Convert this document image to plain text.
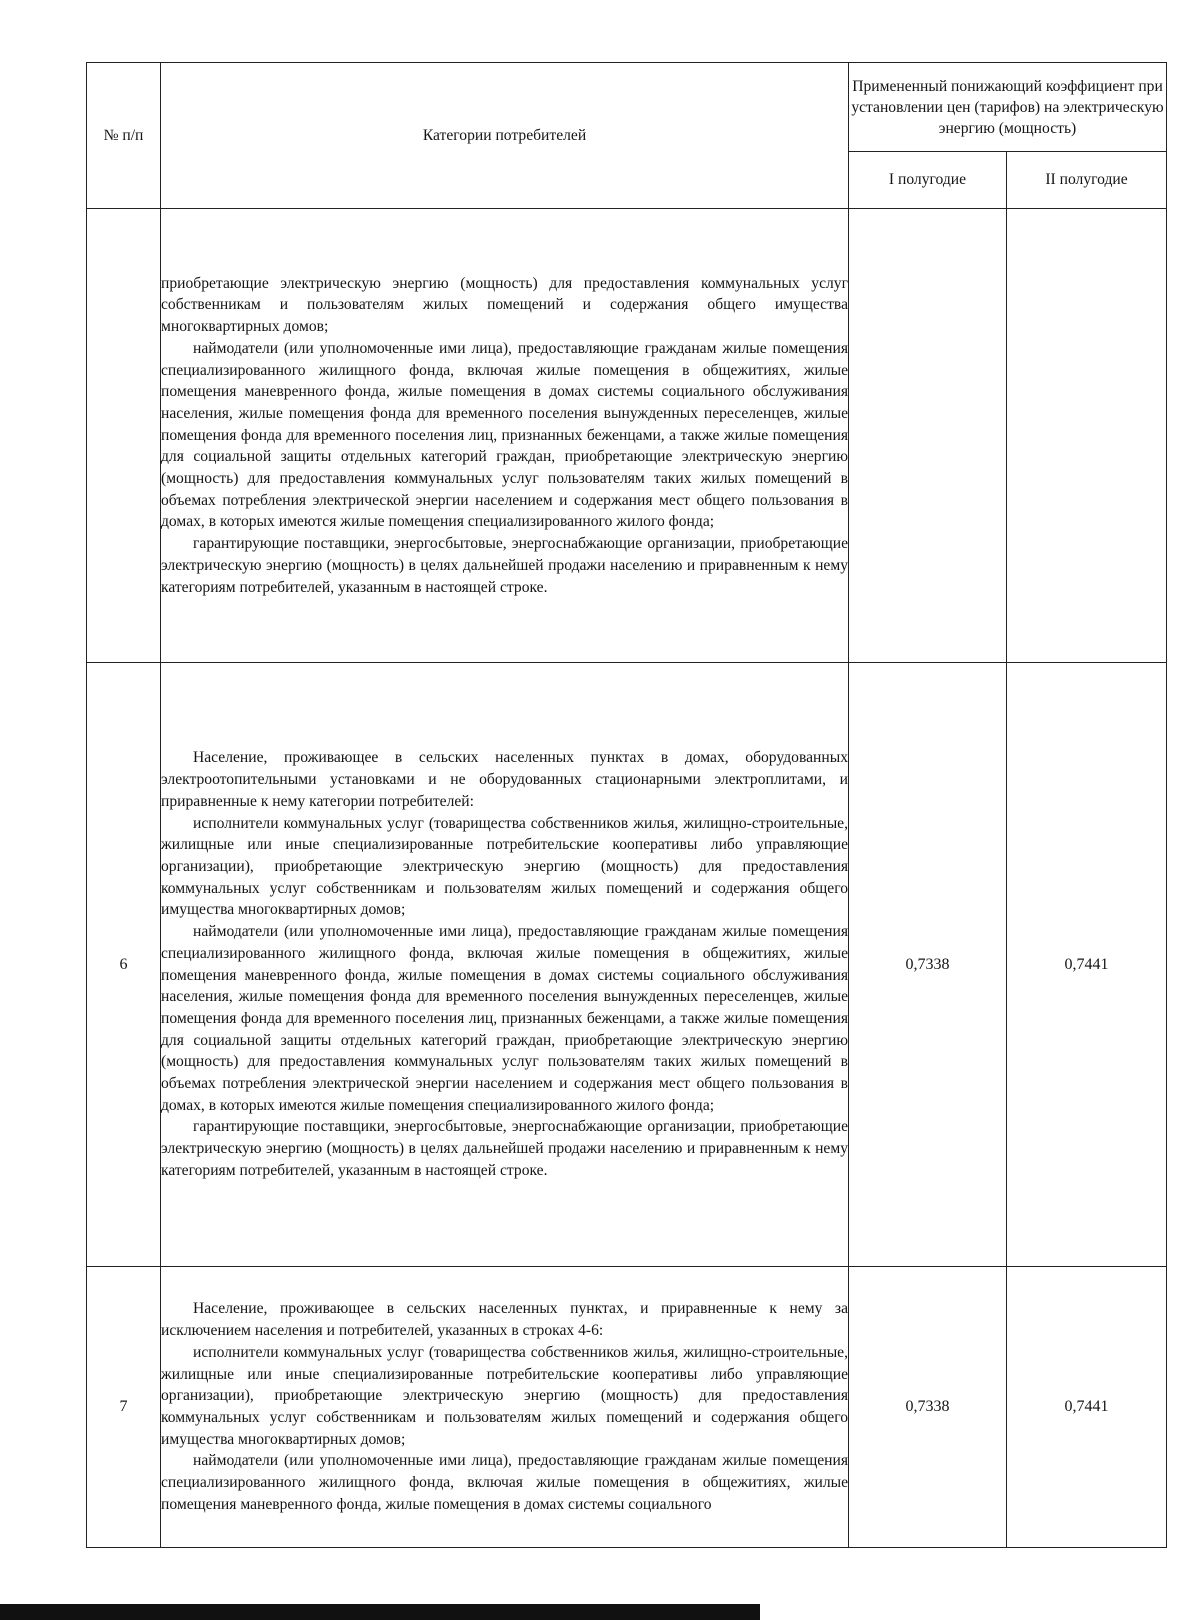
№ п/п	Категории потребителей	Примененный понижающий коэффициент при установлении цен (тарифов) на электрическую энергию (мощность)	
		I полугодие	II полугодие

	приобретающие электрическую энергию (мощность) для предоставления коммунальных услуг собственникам и пользователям жилых помещений и содержания общего имущества многоквартирных домов;

наймодатели (или уполномоченные ими лица), предоставляющие гражданам жилые помещения специализированного жилищного фонда, включая жилые помещения в общежитиях, жилые помещения маневренного фонда, жилые помещения в домах системы социального обслуживания населения, жилые помещения фонда для временного поселения вынужденных переселенцев, жилые помещения фонда для временного поселения лиц, признанных беженцами, а также жилые помещения для социальной защиты отдельных категорий граждан, приобретающие электрическую энергию (мощность) для предоставления коммунальных услуг пользователям таких жилых помещений в объемах потребления электрической энергии населением и содержания мест общего пользования в домах, в которых имеются жилые помещения специализированного жилого фонда;

гарантирующие поставщики, энергосбытовые, энергоснабжающие организации, приобретающие электрическую энергию (мощность) в целях дальнейшей продажи населению и приравненным к нему категориям потребителей, указанным в настоящей строке.		

6	Население, проживающее в сельских населенных пунктах в домах, оборудованных электроотопительными установками и не оборудованных стационарными электроплитами, и приравненные к нему категории потребителей:

исполнители коммунальных услуг (товарищества собственников жилья, жилищно-строительные, жилищные или иные специализированные потребительские кооперативы либо управляющие организации), приобретающие электрическую энергию (мощность) для предоставления коммунальных услуг собственникам и пользователям жилых помещений и содержания общего имущества многоквартирных домов;

наймодатели (или уполномоченные ими лица), предоставляющие гражданам жилые помещения специализированного жилищного фонда, включая жилые помещения в общежитиях, жилые помещения маневренного фонда, жилые помещения в домах системы социального обслуживания населения, жилые помещения фонда для временного поселения вынужденных переселенцев, жилые помещения фонда для временного поселения лиц, признанных беженцами, а также жилые помещения для социальной защиты отдельных категорий граждан, приобретающие электрическую энергию (мощность) для предоставления коммунальных услуг пользователям таких жилых помещений в объемах потребления электрической энергии населением и содержания мест общего пользования в домах, в которых имеются жилые помещения специализированного жилого фонда;

гарантирующие поставщики, энергосбытовые, энергоснабжающие организации, приобретающие электрическую энергию (мощность) в целях дальнейшей продажи населению и приравненным к нему категориям потребителей, указанным в настоящей строке.	0,7338	0,7441
7	Население, проживающее в сельских населенных пунктах, и приравненные к нему за исключением населения и потребителей, указанных в строках 4-6:

исполнители коммунальных услуг (товарищества собственников жилья, жилищно-строительные, жилищные или иные специализированные потребительские кооперативы либо управляющие организации), приобретающие электрическую энергию (мощность) для предоставления коммунальных услуг собственникам и пользователям жилых помещений и содержания общего имущества многоквартирных домов;

наймодатели (или уполномоченные ими лица), предоставляющие гражданам жилые помещения специализированного жилищного фонда, включая жилые помещения в общежитиях, жилые помещения маневренного фонда, жилые помещения в домах системы социального	0,7338	0,7441
